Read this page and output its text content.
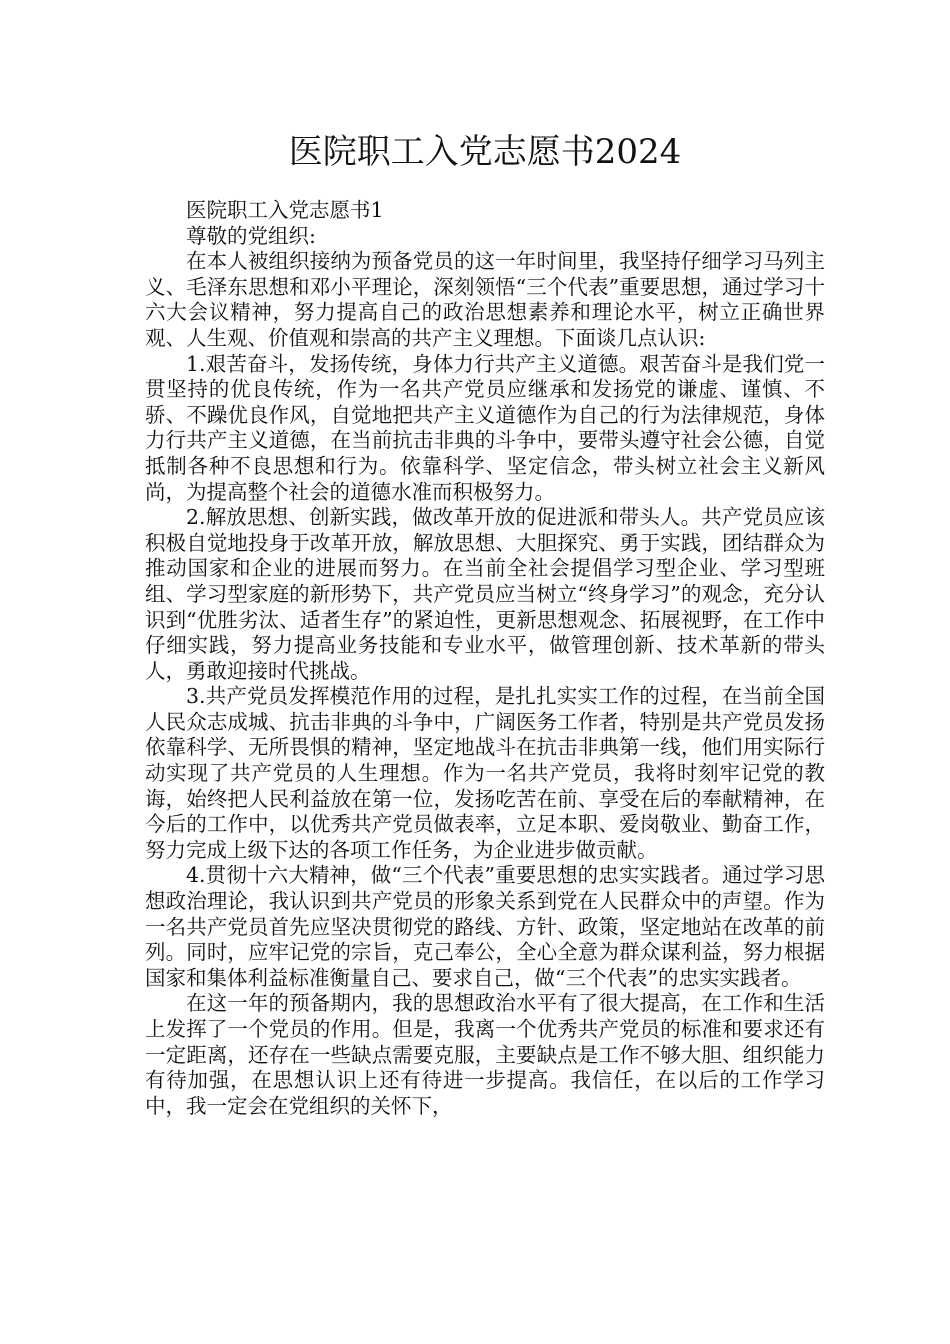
医院职工入党志愿书2024

医院职工入党志愿书1

尊敬的党组织:

在本人被组织接纳为预备党员的这一年时间里，我坚持仔细学习马列主义、毛泽东思想和邓小平理论，深刻领悟“三个代表”重要思想，通过学习十六大会议精神，努力提高自己的政治思想素养和理论水平，树立正确世界观、人生观、价值观和崇高的共产主义理想。下面谈几点认识:

1.艰苦奋斗，发扬传统，身体力行共产主义道德。艰苦奋斗是我们党一贯坚持的优良传统，作为一名共产党员应继承和发扬党的谦虚、谨慎、不骄、不躁优良作风，自觉地把共产主义道德作为自己的行为法律规范，身体力行共产主义道德，在当前抗击非典的斗争中，要带头遵守社会公德，自觉抵制各种不良思想和行为。依靠科学、坚定信念，带头树立社会主义新风尚，为提高整个社会的道德水准而积极努力。

2.解放思想、创新实践，做改革开放的促进派和带头人。共产党员应该积极自觉地投身于改革开放，解放思想、大胆探究、勇于实践，团结群众为推动国家和企业的进展而努力。在当前全社会提倡学习型企业、学习型班组、学习型家庭的新形势下，共产党员应当树立“终身学习”的观念，充分认识到“优胜劣汰、适者生存”的紧迫性，更新思想观念、拓展视野，在工作中仔细实践，努力提高业务技能和专业水平，做管理创新、技术革新的带头人，勇敢迎接时代挑战。

3.共产党员发挥模范作用的过程，是扎扎实实工作的过程，在当前全国人民众志成城、抗击非典的斗争中，广阔医务工作者，特别是共产党员发扬依靠科学、无所畏惧的精神，坚定地战斗在抗击非典第一线，他们用实际行动实现了共产党员的人生理想。作为一名共产党员，我将时刻牢记党的教诲，始终把人民利益放在第一位，发扬吃苦在前、享受在后的奉献精神，在今后的工作中，以优秀共产党员做表率，立足本职、爱岗敬业、勤奋工作，努力完成上级下达的各项工作任务，为企业进步做贡献。

4.贯彻十六大精神，做“三个代表”重要思想的忠实实践者。通过学习思想政治理论，我认识到共产党员的形象关系到党在人民群众中的声望。作为一名共产党员首先应坚决贯彻党的路线、方针、政策，坚定地站在改革的前列。同时，应牢记党的宗旨，克己奉公，全心全意为群众谋利益，努力根据国家和集体利益标准衡量自己、要求自己，做“三个代表”的忠实实践者。

在这一年的预备期内，我的思想政治水平有了很大提高，在工作和生活上发挥了一个党员的作用。但是，我离一个优秀共产党员的标准和要求还有一定距离，还存在一些缺点需要克服，主要缺点是工作不够大胆、组织能力有待加强，在思想认识上还有待进一步提高。我信任，在以后的工作学习中，我一定会在党组织的关怀下，
